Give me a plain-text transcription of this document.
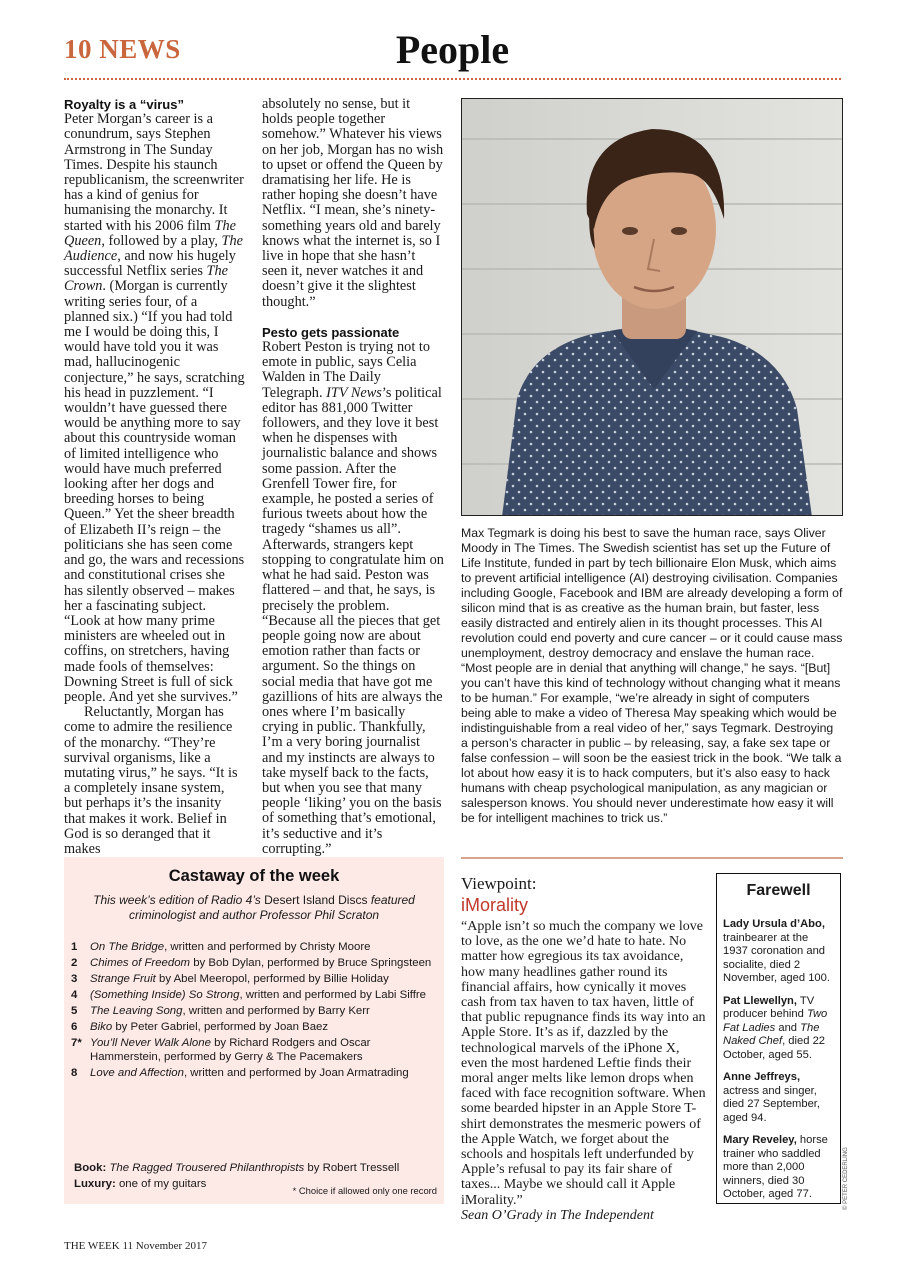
10 NEWS	People
Royalty is a “virus”

Peter Morgan’s career is a conundrum, says Stephen Armstrong in The Sunday Times. Despite his staunch republicanism, the screenwriter has a kind of genius for humanising the monarchy. It started with his 2006 film The Queen, followed by a play, The Audience, and now his hugely successful Netflix series The Crown. (Morgan is currently writing series four, of a planned six.) “If you had told me I would be doing this, I would have told you it was mad, hallucinogenic conjecture,” he says, scratching his head in puzzlement. “I wouldn’t have guessed there would be anything more to say about this countryside woman of limited intelligence who would have much preferred looking after her dogs and breeding horses to being Queen.” Yet the sheer breadth of Elizabeth II’s reign – the politicians she has seen come and go, the wars and recessions and constitutional crises she has silently observed – makes her a fascinating subject. “Look at how many prime ministers are wheeled out in coffins, on stretchers, having made fools of themselves: Downing Street is full of sick people. And yet she survives.”

Reluctantly, Morgan has come to admire the resilience of the monarchy. “They’re survival organisms, like a mutating virus,” he says. “It is a completely insane system, but perhaps it’s the insanity that makes it work. Belief in God is so deranged that it makes

absolutely no sense, but it holds people together somehow.” Whatever his views on her job, Morgan has no wish to upset or offend the Queen by dramatising her life. He is rather hoping she doesn’t have Netflix. “I mean, she’s ninety-something years old and barely knows what the internet is, so I live in hope that she hasn’t seen it, never watches it and doesn’t give it the slightest thought.”

Pesto gets passionate

Robert Peston is trying not to emote in public, says Celia Walden in The Daily Telegraph. ITV News’s political editor has 881,000 Twitter followers, and they love it best when he dispenses with journalistic balance and shows some passion. After the Grenfell Tower fire, for example, he posted a series of furious tweets about how the tragedy “shames us all”. Afterwards, strangers kept stopping to congratulate him on what he had said. Peston was flattered – and that, he says, is precisely the problem. “Because all the pieces that get people going now are about emotion rather than facts or argument. So the things on social media that have got me gazillions of hits are always the ones where I’m basically crying in public. Thankfully, I’m a very boring journalist and my instincts are always to take myself back to the facts, but when you see that many people ‘liking’ you on the basis of something that’s emotional, it’s seductive and it’s corrupting.”

Max Tegmark is doing his best to save the human race, says Oliver Moody in The Times. The Swedish scientist has set up the Future of Life Institute, funded in part by tech billionaire Elon Musk, which aims to prevent artificial intelligence (AI) destroying civilisation. Companies including Google, Facebook and IBM are already developing a form of silicon mind that is as creative as the human brain, but faster, less easily distracted and entirely alien in its thought processes. This AI revolution could end poverty and cure cancer – or it could cause mass unemployment, destroy democracy and enslave the human race. “Most people are in denial that anything will change,” he says. “[But] you can’t have this kind of technology without changing what it means to be human.” For example, “we’re already in sight of computers being able to make a video of Theresa May speaking which would be indistinguishable from a real video of her,” says Tegmark. Destroying a person’s character in public – by releasing, say, a fake sex tape or false confession – will soon be the easiest trick in the book. “We talk a lot about how easy it is to hack computers, but it’s also easy to hack humans with cheap psychological manipulation, as any magician or salesperson knows. You should never underestimate how easy it will be for intelligent machines to trick us.”
Castaway of the week
This week’s edition of Radio 4’s Desert Island Discs featured criminologist and author Professor Phil Scraton
1 On The Bridge, written and performed by Christy Moore
2 Chimes of Freedom by Bob Dylan, performed by Bruce Springsteen
3 Strange Fruit by Abel Meeropol, performed by Billie Holiday
4 (Something Inside) So Strong, written and performed by Labi Siffre
5 The Leaving Song, written and performed by Barry Kerr
6 Biko by Peter Gabriel, performed by Joan Baez
7* You’ll Never Walk Alone by Richard Rodgers and Oscar Hammerstein, performed by Gerry & The Pacemakers
8 Love and Affection, written and performed by Joan Armatrading
Book: The Ragged Trousered Philanthropists by Robert Tressell
Luxury: one of my guitars
* Choice if allowed only one record
Viewpoint:
iMorality

“Apple isn’t so much the company we love to love, as the one we’d hate to hate. No matter how egregious its tax avoidance, how many headlines gather round its financial affairs, how cynically it moves cash from tax haven to tax haven, little of that public repugnance finds its way into an Apple Store. It’s as if, dazzled by the technological marvels of the iPhone X, even the most hardened Leftie finds their moral anger melts like lemon drops when faced with face recognition software. When some bearded hipster in an Apple Store T-shirt demonstrates the mesmeric powers of the Apple Watch, we forget about the schools and hospitals left underfunded by Apple’s refusal to pay its fair share of taxes... Maybe we should call it Apple iMorality.”
Sean O’Grady in The Independent

Farewell
Lady Ursula d’Abo, trainbearer at the 1937 coronation and socialite, died 2 November, aged 100.
Pat Llewellyn, TV producer behind Two Fat Ladies and The Naked Chef, died 22 October, aged 55.
Anne Jeffreys, actress and singer, died 27 September, aged 94.
Mary Reveley, horse trainer who saddled more than 2,000 winners, died 30 October, aged 77.	© PETER CEDERLING
THE WEEK 11 November 2017
